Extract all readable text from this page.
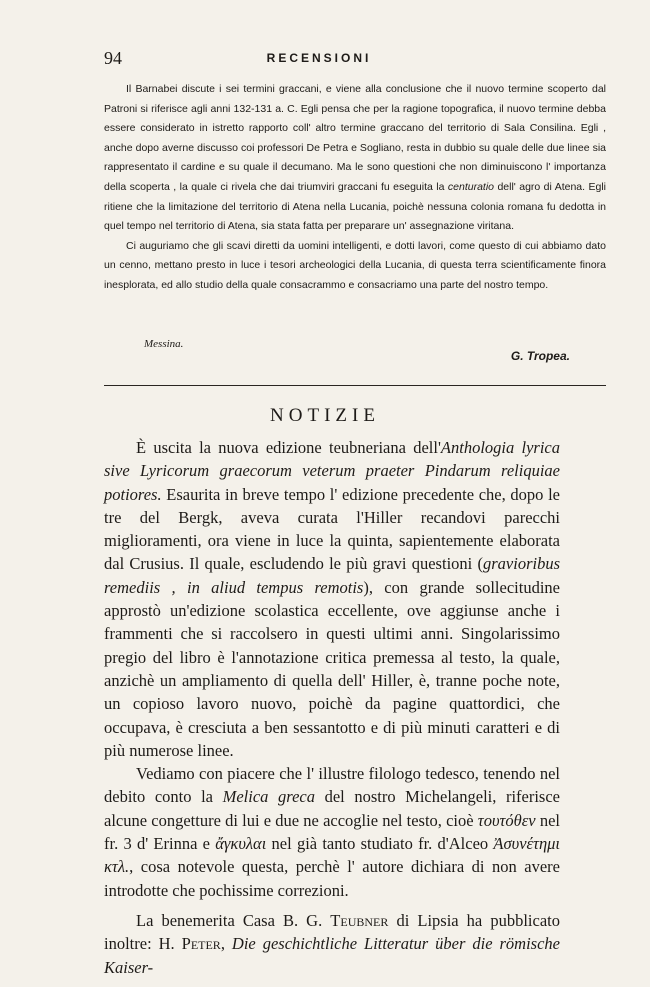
94	RECENSIONI

Il Barnabei discute i sei termini graccani, e viene alla conclusione che il nuovo termine scoperto dal Patroni si riferisce agli anni 132-131 a. C. Egli pensa che per la ragione topografica, il nuovo termine debba essere considerato in istretto rapporto coll' altro termine graccano del territorio di Sala Consilina. Egli , anche dopo averne discusso coi professori De Petra e Sogliano, resta in dubbio su quale delle due linee sia rappresentato il cardine e su quale il decumano. Ma le sono questioni che non diminuiscono l' importanza della scoperta , la quale ci rivela che dai triumviri graccani fu eseguita la centuratio dell' agro di Atena. Egli ritiene che la limitazione del territorio di Atena nella Lucania, poichè nessuna colonia romana fu dedotta in quel tempo nel territorio di Atena, sia stata fatta per preparare un' assegnazione viritana.

Ci auguriamo che gli scavi diretti da uomini intelligenti, e dotti lavori, come questo di cui abbiamo dato un cenno, mettano presto in luce i tesori archeologici della Lucania, di questa terra scientificamente finora inesplorata, ed allo studio della quale consacrammo e consacriamo una parte del nostro tempo.

Messina.
G. Tropea.
NOTIZIE

È uscita la nuova edizione teubneriana dell'Anthologia lyrica sive Lyricorum graecorum veterum praeter Pindarum reliquiae potiores. Esaurita in breve tempo l' edizione precedente che, dopo le tre del Bergk, aveva curata l'Hiller recandovi parecchi miglioramenti, ora viene in luce la quinta, sapientemente elaborata dal Crusius. Il quale, escludendo le più gravi questioni (gravioribus remediis , in aliud tempus remotis), con grande sollecitudine approstò un'edizione scolastica eccellente, ove aggiunse anche i frammenti che si raccolsero in questi ultimi anni. Singolarissimo pregio del libro è l'annotazione critica premessa al testo, la quale, anzichè un ampliamento di quella dell' Hiller, è, tranne poche note, un copioso lavoro nuovo, poichè da pagine quattordici, che occupava, è cresciuta a ben sessantotto e di più minuti caratteri e di più numerose linee.

Vediamo con piacere che l' illustre filologo tedesco, tenendo nel debito conto la Melica greca del nostro Michelangeli, riferisce alcune congetture di lui e due ne accoglie nel testo, cioè τουτόθεν nel fr. 3 d' Erinna e ἄγκυλαι nel già tanto studiato fr. d'Alceo Ἀσυνέτημι κτλ., cosa notevole questa, perchè l' autore dichiara di non avere introdotte che pochissime correzioni.

La benemerita Casa B. G. Teubner di Lipsia ha pubblicato inoltre: H. Peter, Die geschichtliche Litteratur über die römische Kaiser-
